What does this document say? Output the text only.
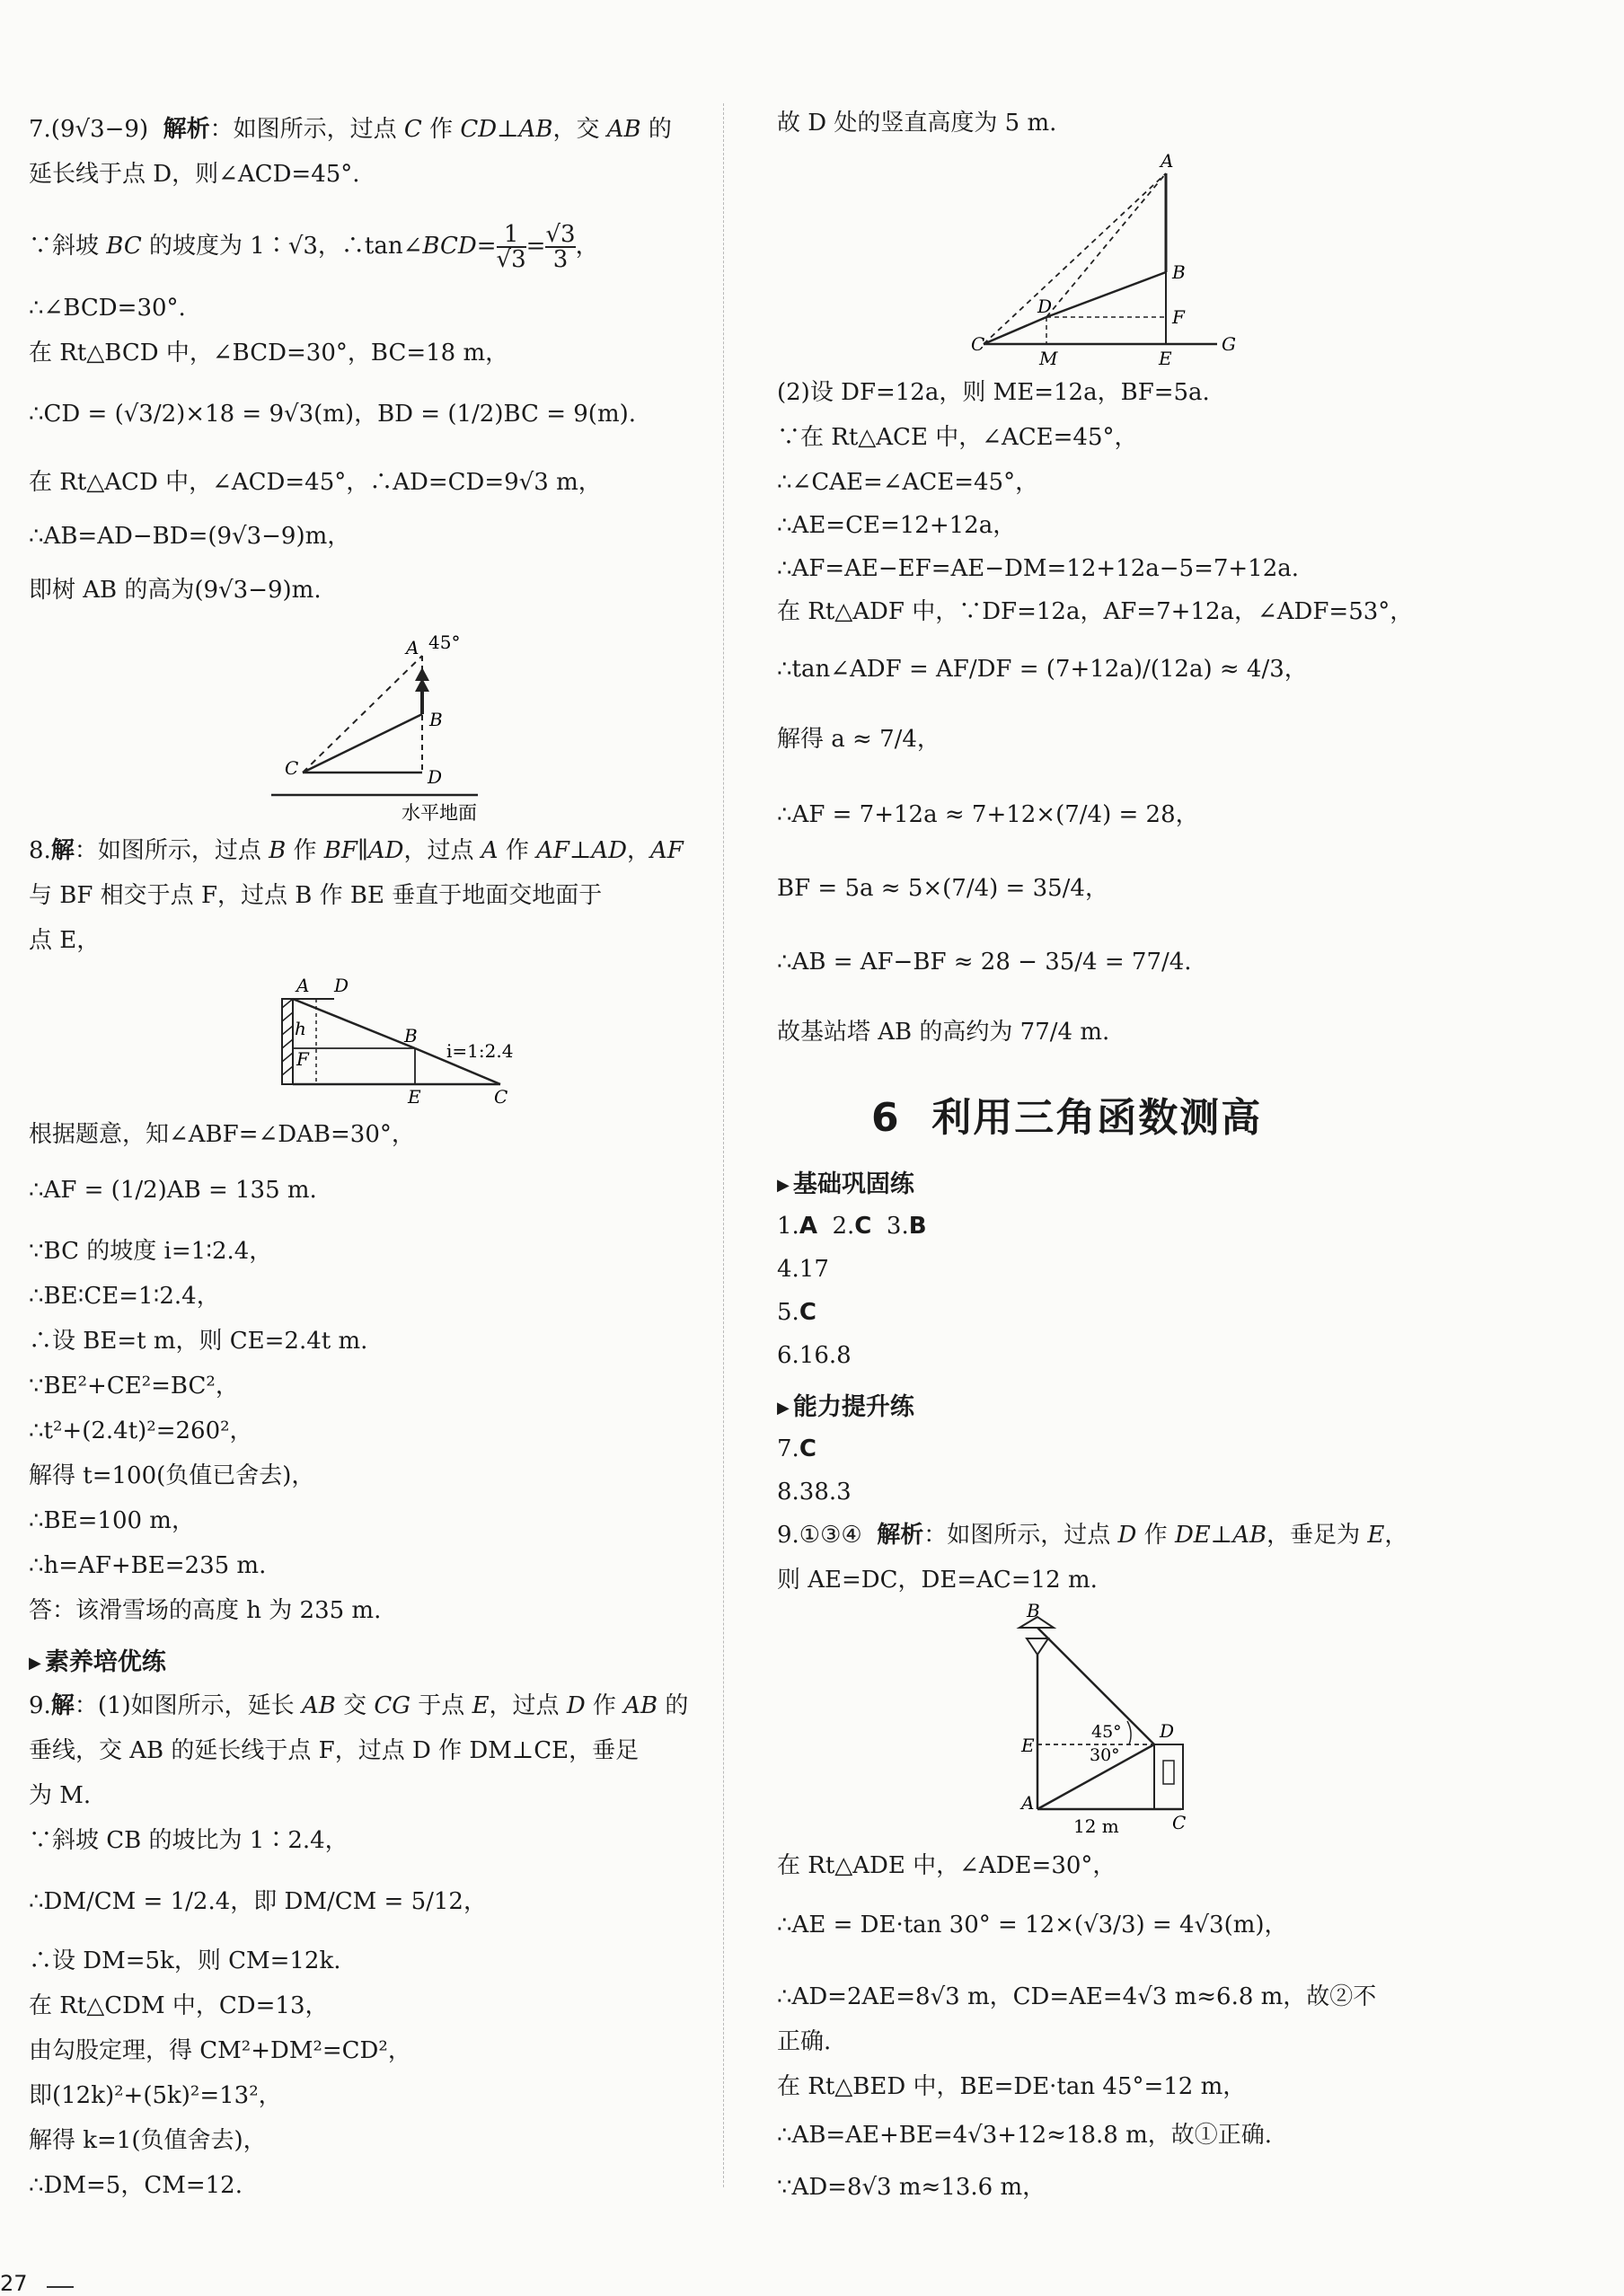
7.(9√3−9)  解析：如图所示，过点 C 作 CD⊥AB，交 AB 的
延长线于点 D，则∠ACD=45°.
∵斜坡 BC 的坡度为 1∶√3，∴tan∠BCD= $\frac{1}{√3} = \frac{√3}{3}$ ，
∴∠BCD=30°.
在 Rt△BCD 中，∠BCD=30°，BC=18 m，
∴CD = (√3/2)×18 = 9√3(m)，BD = (1/2)BC = 9(m).
在 Rt△ACD 中，∠ACD=45°，∴AD=CD=9√3 m，
∴AB=AD−BD=(9√3−9)m，
即树 AB 的高为(9√3−9)m.
A 45°
B
C	D
水平地面
8.解：如图所示，过点 B 作 BF∥AD，过点 A 作 AF⊥AD，AF
与 BF 相交于点 F，过点 B 作 BE 垂直于地面交地面于
点 E，
A D
h
F
B
i=1:2.4
E	C
根据题意，知∠ABF=∠DAB=30°，
∴AF = (1/2)AB = 135 m.
∵BC 的坡度 i=1∶2.4，
∴BE∶CE=1∶2.4，
∴设 BE=t m，则 CE=2.4t m.
∵BE²+CE²=BC²，
∴t²+(2.4t)²=260²，
解得 t=100(负值已舍去)，
∴BE=100 m，
∴h=AF+BE=235 m.
答：该滑雪场的高度 h 为 235 m.
▶ 素养培优练
9.解：(1)如图所示，延长 AB 交 CG 于点 E，过点 D 作 AB 的
垂线，交 AB 的延长线于点 F，过点 D 作 DM⊥CE，垂足
为 M.
∵斜坡 CB 的坡比为 1∶2.4，
∴DM/CM = 1/2.4，即 DM/CM = 5/12，
∴设 DM=5k，则 CM=12k.
在 Rt△CDM 中，CD=13，
由勾股定理，得 CM²+DM²=CD²，
即(12k)²+(5k)²=13²，
解得 k=1(负值舍去)，
∴DM=5，CM=12.
故 D 处的竖直高度为 5 m.
A
B
D	F
C
M	E
G
(2)设 DF=12a，则 ME=12a，BF=5a.
∵在 Rt△ACE 中，∠ACE=45°，
∴∠CAE=∠ACE=45°，
∴AE=CE=12+12a，
∴AF=AE−EF=AE−DM=12+12a−5=7+12a.
在 Rt△ADF 中，∵DF=12a，AF=7+12a，∠ADF=53°，
∴tan∠ADF = AF/DF = (7+12a)/(12a) ≈ 4/3，
解得 a ≈ 7/4，
∴AF = 7+12a ≈ 7+12×(7/4) = 28，
BF = 5a ≈ 5×(7/4) = 35/4，
∴AB = AF−BF ≈ 28 − 35/4 = 77/4.
故基站塔 AB 的高约为 77/4 m.
6 利用三角函数测高
▶ 基础巩固练
1.A  2.C  3.B
4.17
5.C
6.16.8
▶ 能力提升练
7.C
8.38.3
9.①③④  解析：如图所示，过点 D 作 DE⊥AB，垂足为 E，
则 AE=DC，DE=AC=12 m.
B
E
A
45°
30°
D
C
12 m
在 Rt△ADE 中，∠ADE=30°，
∴AE = DE·tan 30° = 12×(√3/3) = 4√3(m)，
∴AD=2AE=8√3 m，CD=AE=4√3 m≈6.8 m，故②不
正确.
在 Rt△BED 中，BE=DE·tan 45°=12 m，
∴AB=AE+BE=4√3+12≈18.8 m，故①正确.
∵AD=8√3 m≈13.6 m，
27
